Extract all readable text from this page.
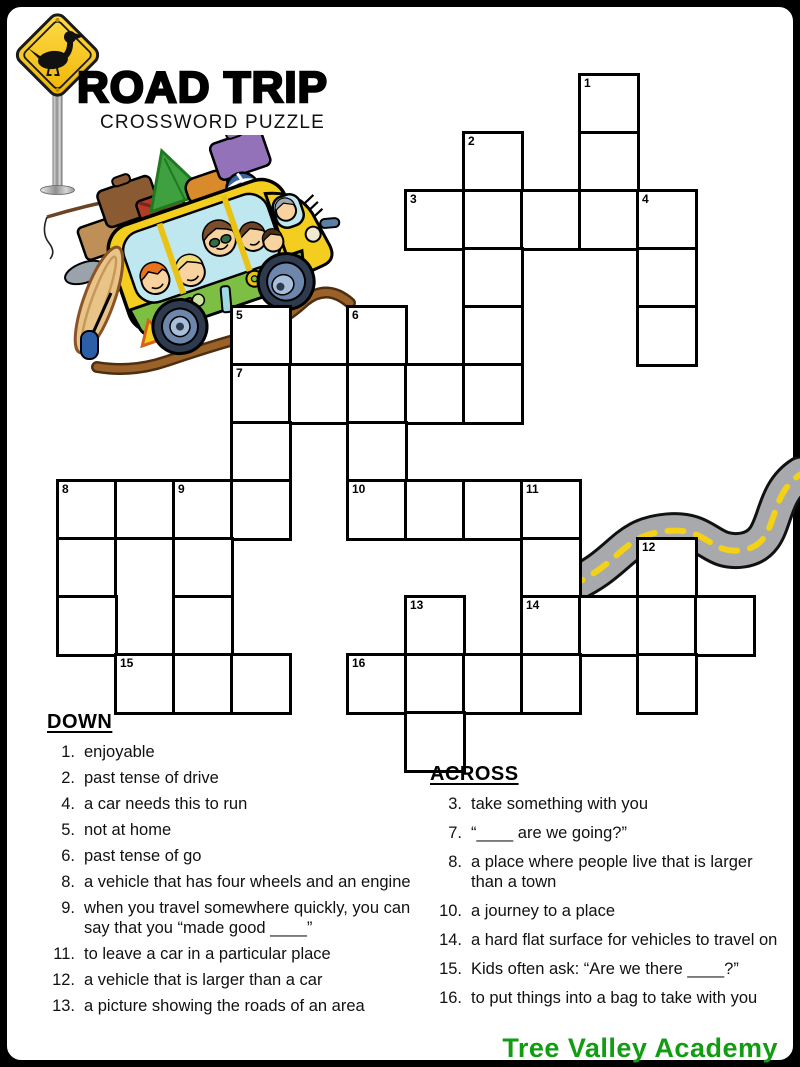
ROAD TRIP
CROSSWORD PUZZLE
1
2
3	4
5	6
7
8	9	10	11
12
13	14
15	16
DOWN
1. enjoyable
2. past tense of drive
4. a car needs this to run
5. not at home
6. past tense of go
8. a vehicle that has four wheels and an engine
9. when you travel somewhere quickly, you can
say that you “made good ____”
11. to leave a car in a particular place
12. a vehicle that is larger than a car
13. a picture showing the roads of an area
ACROSS
3. take something with you
7. “____ are we going?”
8. a place where people live that is larger
than a town
10. a journey to a place
14. a hard flat surface for vehicles to travel on
15. Kids often ask: “Are we there ____?”
16. to put things into a bag to take with you
Tree Valley Academy
